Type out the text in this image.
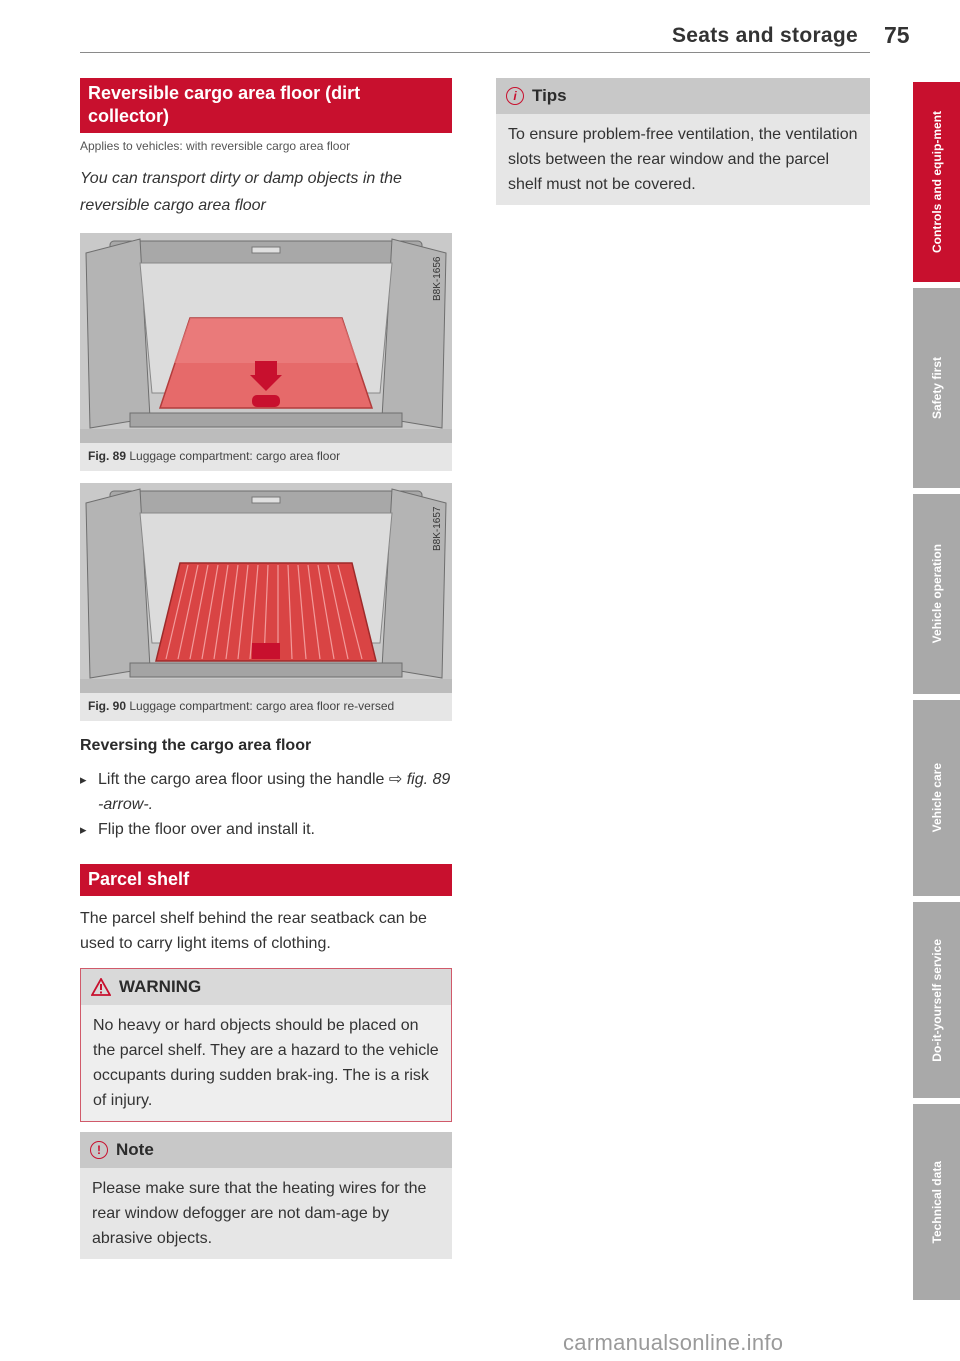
Seats and storage 75
Reversible cargo area floor (dirt collector)
Applies to vehicles: with reversible cargo area floor

You can transport dirty or damp objects in the reversible cargo area floor

B8K-1656
Fig. 89 Luggage compartment: cargo area floor
B8K-1657
Fig. 90 Luggage compartment: cargo area floor re-versed
Reversing the cargo area floor
▸ Lift the cargo area floor using the handle ⇨ fig. 89 -arrow-.
▸ Flip the floor over and install it.
Parcel shelf

The parcel shelf behind the rear seatback can be used to carry light items of clothing.

WARNING
No heavy or hard objects should be placed on the parcel shelf. They are a hazard to the vehicle occupants during sudden brak-ing. The is a risk of injury.
! Note
Please make sure that the heating wires for the rear window defogger are not dam-age by abrasive objects.
i Tips
To ensure problem-free ventilation, the ventilation slots between the rear window and the parcel shelf must not be covered.	Controls and equip-ment
Safety first
Vehicle operation
Vehicle care
Do-it-yourself service
Technical data
carmanualsonline.info
